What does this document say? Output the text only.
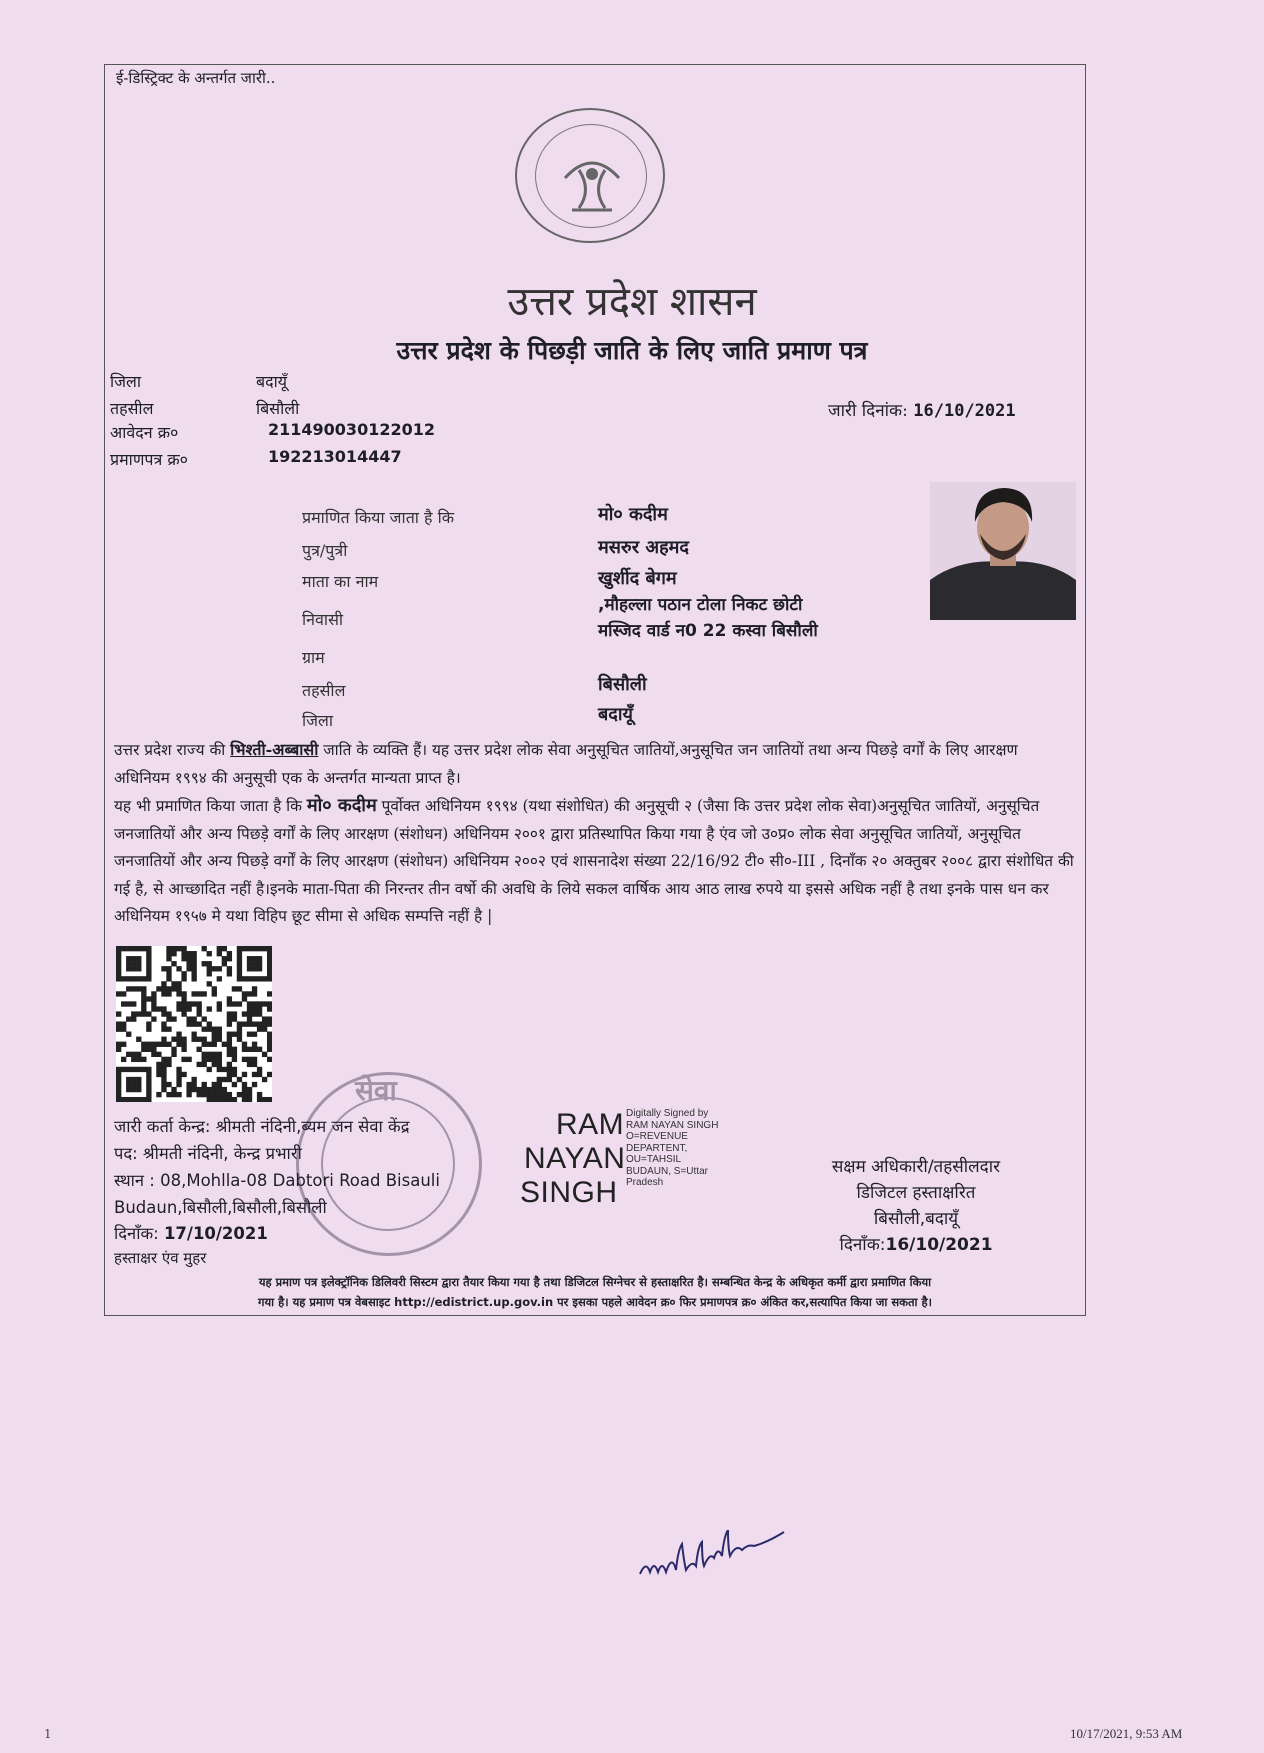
ई-डिस्ट्रिक्ट के अन्तर्गत जारी..
उत्तर प्रदेश शासन
उत्तर प्रदेश के पिछड़ी जाति के लिए जाति प्रमाण पत्र
जिला	बदायूँ
तहसील	बिसौली
आवेदन क्र०	211490030122012
प्रमाणपत्र क्र०	192213014447
जारी दिनांक: 16/10/2021
प्रमाणित किया जाता है कि	मो० कदीम
पुत्र/पुत्री	मसरुर अहमद
माता का नाम	खुर्शीद बेगम
निवासी
,मौहल्ला पठान टोला निकट छोटी
मस्जिद वार्ड न0 22 कस्वा बिसौली
ग्राम
तहसील	बिसौली
जिला	बदायूँ
उत्तर प्रदेश राज्य की भिश्ती-अब्बासी जाति के व्यक्ति हैं। यह उत्तर प्रदेश लोक सेवा अनुसूचित जातियों,अनुसूचित जन जातियों तथा अन्य पिछड़े वर्गों के लिए आरक्षण अधिनियम १९९४ की अनुसूची एक के अन्तर्गत मान्यता प्राप्त है।
यह भी प्रमाणित किया जाता है कि मो० कदीम पूर्वोक्त अधिनियम १९९४ (यथा संशोधित) की अनुसूची २ (जैसा कि उत्तर प्रदेश लोक सेवा)अनुसूचित जातियों, अनुसूचित जनजातियों और अन्य पिछड़े वर्गों के लिए आरक्षण (संशोधन) अधिनियम २००१ द्वारा प्रतिस्थापित किया गया है एंव जो उ०प्र० लोक सेवा अनुसूचित जातियों, अनुसूचित जनजातियों और अन्य पिछड़े वर्गों के लिए आरक्षण (संशोधन) अधिनियम २००२ एवं शासनादेश संख्या 22/16/92 टी० सी०-III , दिनाँक २० अक्तुबर २००८ द्वारा संशोधित की गई है, से आच्छादित नहीं है।इनके माता-पिता की निरन्तर तीन वर्षो की अवधि के लिये सकल वार्षिक आय आठ लाख रुपये या इससे अधिक नहीं है तथा इनके पास धन कर अधिनियम १९५७ मे यथा विहिप छूट सीमा से अधिक सम्पत्ति नहीं है |
सेवा
जारी कर्ता केन्द्र: श्रीमती नंदिनी,ब्यम जन सेवा केंद्र
पद: श्रीमती नंदिनी, केन्द्र प्रभारी
स्थान : 08,Mohlla-08 Dabtori Road Bisauli
Budaun,बिसौली,बिसौली,बिसौली
दिनाँक: 17/10/2021
हस्ताक्षर एंव मुहर
RAM
NAYAN
SINGH
Digitally Signed by
RAM NAYAN SINGH
O=REVENUE
DEPARTENT,
OU=TAHSIL
BUDAUN, S=Uttar
Pradesh
सक्षम अधिकारी/तहसीलदार
डिजिटल हस्ताक्षरित
बिसौली,बदायूँ
दिनाँक:16/10/2021
यह प्रमाण पत्र इलेक्ट्रॉनिक डिलिवरी सिस्टम द्वारा तैयार किया गया है तथा डिजिटल सिग्नेचर से हस्ताक्षरित है। सम्बन्धित केन्द्र के अधिकृत कर्मी द्वारा प्रमाणित किया
गया है। यह प्रमाण पत्र वेबसाइट http://edistrict.up.gov.in पर इसका पहले आवेदन क्र० फिर प्रमाणपत्र क्र० अंकित कर,सत्यापित किया जा सकता है।
1	10/17/2021, 9:53 AM
